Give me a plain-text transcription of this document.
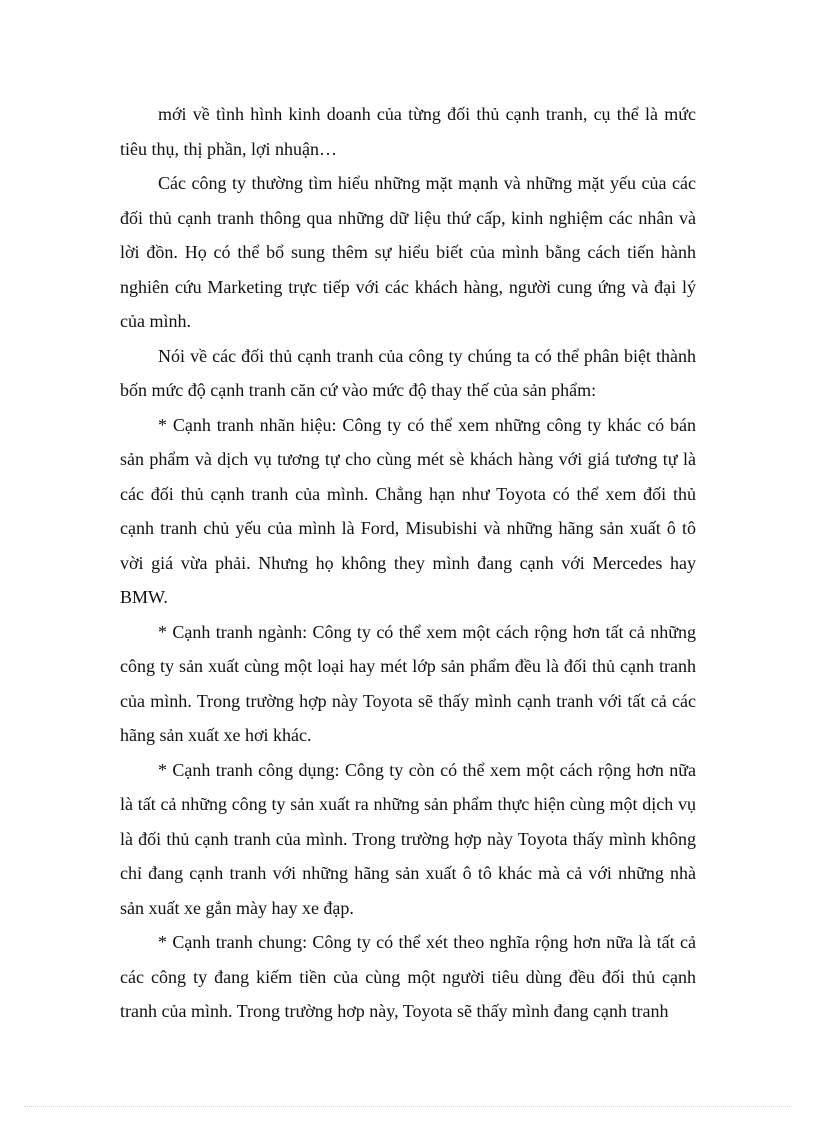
mới về tình hình kinh doanh của từng đối thủ cạnh tranh, cụ thể là mức tiêu thụ, thị phần, lợi nhuận…

Các công ty thường tìm hiểu những mặt mạnh và những mặt yếu của các đối thủ cạnh tranh thông qua những dữ liệu thứ cấp, kinh nghiệm các nhân và lời đồn. Họ có thể bổ sung thêm sự hiểu biết của mình bằng cách tiến hành nghiên cứu Marketing trực tiếp với các khách hàng, người cung ứng và đại lý của mình.

Nói về các đối thủ cạnh tranh của công ty chúng ta có thể phân biệt thành bốn mức độ cạnh tranh căn cứ vào mức độ thay thế của sản phẩm:

* Cạnh tranh nhãn hiệu: Công ty có thể xem những công ty khác có bán sản phẩm và dịch vụ tương tự cho cùng mét sè khách hàng với giá tương tự là các đối thủ cạnh tranh của mình. Chẳng hạn như Toyota có thể xem đối thủ cạnh tranh chủ yếu của mình là Ford, Misubishi và những hãng sản xuất ô tô vời giá vừa phải. Nhưng họ không they mình đang cạnh với Mercedes hay BMW.

* Cạnh tranh ngành: Công ty có thể xem một cách rộng hơn tất cả những công ty sản xuất cùng một loại hay mét lớp sản phẩm đều là đối thủ cạnh tranh của mình. Trong trường hợp này Toyota sẽ thấy mình cạnh tranh với tất cả các hãng sản xuất xe hơi khác.

* Cạnh tranh công dụng: Công ty còn có thể xem một cách rộng hơn nữa là tất cả những công ty sản xuất ra những sản phẩm thực hiện cùng một dịch vụ là đối thủ cạnh tranh của mình. Trong trường hợp này Toyota thấy mình không chỉ đang cạnh tranh với những hãng sản xuất ô tô khác mà cả với những nhà sản xuất xe gắn mày hay xe đạp.

* Cạnh tranh chung: Công ty có thể xét theo nghĩa rộng hơn nữa là tất cả các công ty đang kiếm tiền của cùng một người tiêu dùng đều đối thủ cạnh tranh của mình. Trong trường hơp này, Toyota sẽ thấy mình đang cạnh tranh
